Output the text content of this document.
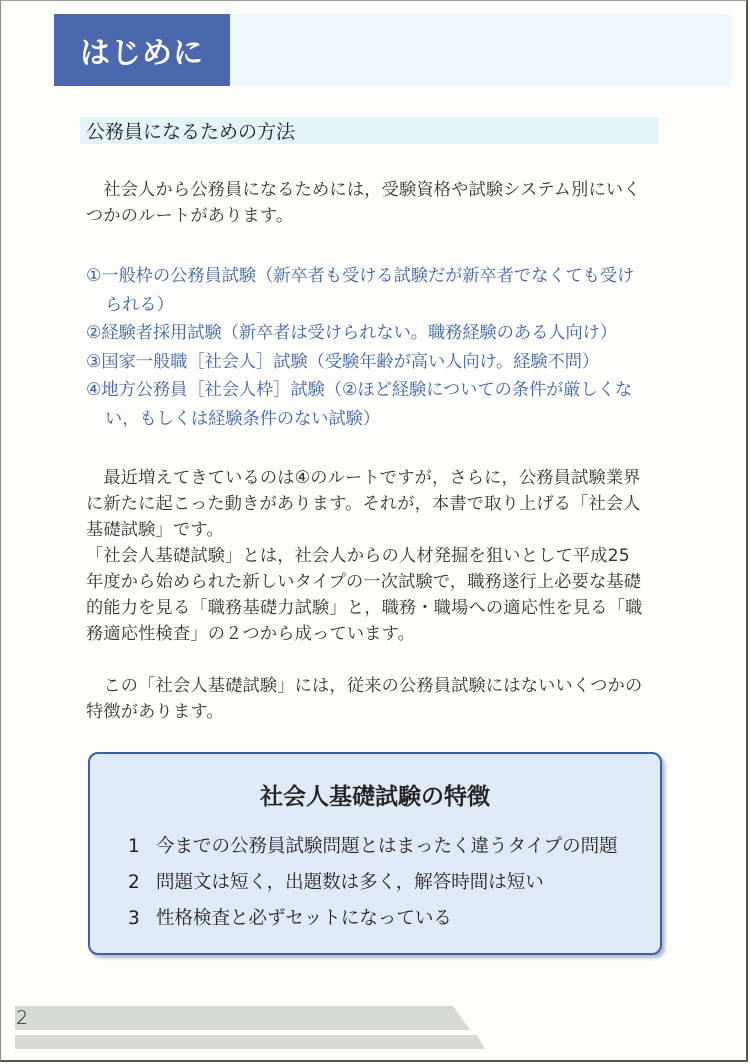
はじめに
公務員になるための方法
　社会人から公務員になるためには，受験資格や試験システム別にいく
つかのルートがあります。
①一般枠の公務員試験（新卒者も受ける試験だが新卒者でなくても受け
られる）
②経験者採用試験（新卒者は受けられない。職務経験のある人向け）
③国家一般職［社会人］試験（受験年齢が高い人向け。経験不問）
④地方公務員［社会人枠］試験（②ほど経験についての条件が厳しくな
い，もしくは経験条件のない試験）
　最近増えてきているのは④のルートですが，さらに，公務員試験業界
に新たに起こった動きがあります。それが，本書で取り上げる「社会人
基礎試験」です。
「社会人基礎試験」とは，社会人からの人材発掘を狙いとして平成25
年度から始められた新しいタイプの一次試験で，職務遂行上必要な基礎
的能力を見る「職務基礎力試験」と，職務・職場への適応性を見る「職
務適応性検査」の２つから成っています。
　この「社会人基礎試験」には，従来の公務員試験にはないいくつかの
特徴があります。
社会人基礎試験の特徴
1 今までの公務員試験問題とはまったく違うタイプの問題
2 問題文は短く，出題数は多く，解答時間は短い
3 性格検査と必ずセットになっている
2
